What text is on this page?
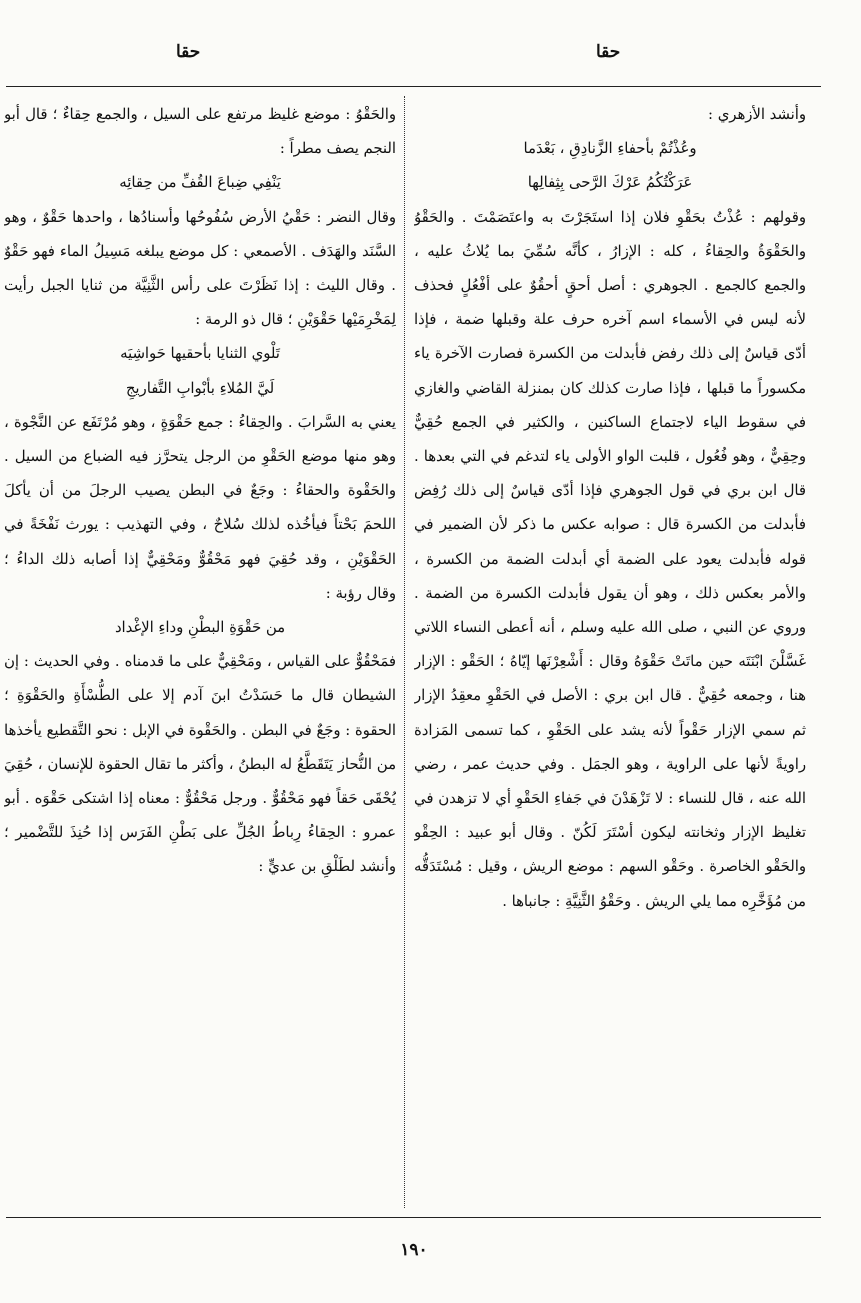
حقا
حقا

وأنشد الأزهري :

وعُذْتُمْ بأحفاءِ الزَّنادِقِ ، بَعْدَما

عَرَكْتُكُمُ عَرْكَ الرَّحى بِثِفالِها

وقولهم : عُذْتُ بحَقْوِ فلان إذا استَجَرْتَ به واعتَصَمْتَ . والحَقْوُ والحَقْوَةُ والحِقاءُ ، كله : الإزارُ ، كأنَّه سُمِّيَ بما يُلاثُ عليه ، والجمع كالجمع . الجوهري : أصل أحقٍ أحقُوٌ على أفْعُلٍ فحذف لأنه ليس في الأسماء اسم آخره حرف علة وقبلها ضمة ، فإذا أدّى قياسٌ إلى ذلك رفض فأبدلت من الكسرة فصارت الآخرة ياء مكسوراً ما قبلها ، فإذا صارت كذلك كان بمنزلة القاضي والغازي في سقوط الياء لاجتماع الساكنين ، والكثير في الجمع حُقِيٌّ وحِقِيٌّ ، وهو فُعُول ، قلبت الواو الأولى ياء لتدغم في التي بعدها . قال ابن بري في قول الجوهري فإذا أدّى قياسٌ إلى ذلك رُفِض فأبدلت من الكسرة قال : صوابه عكس ما ذكر لأن الضمير في قوله فأبدلت يعود على الضمة أي أبدلت الضمة من الكسرة ، والأمر بعكس ذلك ، وهو أن يقول فأبدلت الكسرة من الضمة . وروي عن النبي ، صلى الله عليه وسلم ، أنه أعطى النساء اللاتي غَسَّلْنَ ابْنَتَه حين ماتَتْ حَقْوَهُ وقال : أَشْعِرْنَها إيّاهُ ؛ الحَقْو : الإزار هنا ، وجمعه حُقِيٌّ . قال ابن بري : الأصل في الحَقْوِ معقِدُ الإزار ثم سمي الإزار حَقْواً لأنه يشد على الحَقْوِ ، كما تسمى المَزادة راويةً لأنها على الراوية ، وهو الجمَل . وفي حديث عمر ، رضي الله عنه ، قال للنساء : لا تَزْهَدْنَ في جَفاءِ الحَقْوِ أي لا تزهدن في تغليظ الإزار وثخانته ليكون أسْتَرَ لَكُنّ . وقال أبو عبيد : الحِقْو والحَقْو الخاصرة . وحَقْو السهم : موضع الريش ، وقيل : مُسْتَدَقُّه من مُؤَخَّرِه مما يلي الريش . وحَقْوُ الثَّنِيَّةِ : جانباها .

والحَقْوُ : موضع غليظ مرتفع على السيل ، والجمع حِقاءٌ ؛ قال أبو النجم يصف مطراً :

يَنْفِي ضِباعَ القُفِّ من حِقائِه

وقال النضر : حَقْيُ الأرض سُفُوحُها وأسنادُها ، واحدها حَقْوٌ ، وهو السَّنَد والهَدَف . الأصمعي : كل موضع يبلغه مَسِيلُ الماء فهو حَقْوٌ . وقال الليث : إذا نَظَرْتَ على رأس الثَّنِيَّة من ثنايا الجبل رأيت لِمَخْرِمَيْها حَقْوَيْنِ ؛ قال ذو الرمة :

تَلْوي الثنايا بأحقيها حَواشِيَه

لَيَّ المُلاءِ بأبْوابِ التَّفاريجِ

يعني به السَّرابَ . والحِقاءُ : جمع حَقْوَةٍ ، وهو مُرْتَفَع عن النَّجْوة ، وهو منها موضع الحَقْوِ من الرجل يتحرَّز فيه الضباع من السيل . والحَقْوة والحقاءُ : وجَعٌ في البطن يصيب الرجلَ من أن يأكلَ اللحمَ بَحْتاً فيأخُذه لذلك سُلاحٌ ، وفي التهذيب : يورث نَفْخَةً في الحَقْوَيْنِ ، وقد حُقِيَ فهو مَحْقُوٌّ ومَحْقِيٌّ إذا أصابه ذلك الداءُ ؛ وقال رؤبة :

من حَقْوَةِ البطْنِ وداءِ الإغْداد

فمَحْقُوٌّ على القياس ، ومَحْقِيٌّ على ما قدمناه . وفي الحديث : إن الشيطان قال ما حَسَدْتُ ابنَ آدم إلا على الطُّسْأَةِ والحَقْوَةِ ؛ الحقوة : وجَعٌ في البطن . والحَقْوة في الإبل : نحو التَّقطيع يأخذها من النُّحاز يَتَقَطَّعُ له البطنُ ، وأكثر ما تقال الحقوة للإنسان ، حُقِيَ يُحْقَى حَقاً فهو مَحْقُوٌّ . ورجل مَحْقُوٌّ : معناه إذا اشتكى حَقْوَه . أبو عمرو : الحِقاءُ رِباطُ الجُلِّ على بَطْنِ الفَرَس إذا حُنِذَ للتَّضْمير ؛ وأنشد لطَلْقِ بن عديٍّ :

١٩٠
